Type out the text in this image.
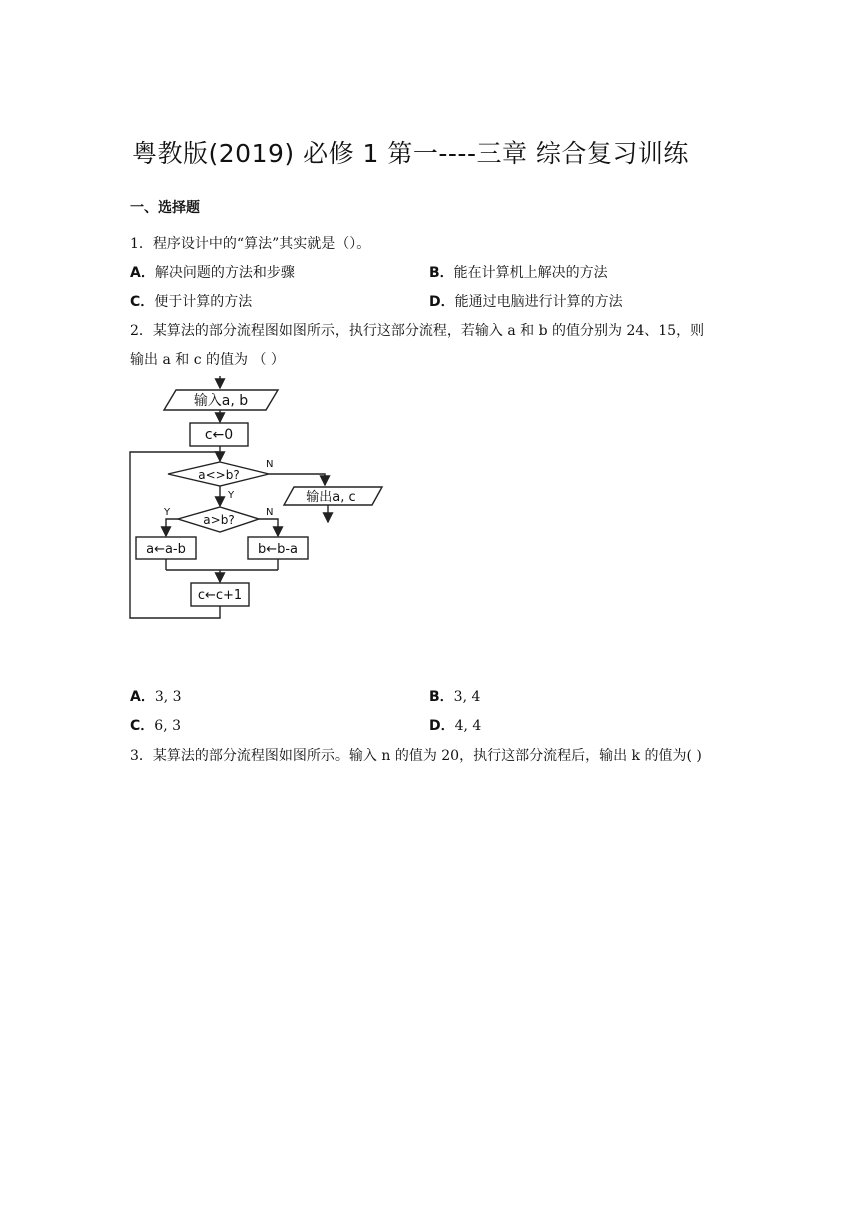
粤教版(2019) 必修 1 第一----三章 综合复习训练
一、选择题
1．程序设计中的“算法”其实就是（）。
A．解决问题的方法和步骤	B．能在计算机上解决的方法
C．便于计算的方法	D．能通过电脑进行计算的方法
2．某算法的部分流程图如图所示，执行这部分流程，若输入 a 和 b 的值分别为 24、15，则
输出 a 和 c 的值为 （ ）
输入a, b
c←0
a<>b?
N
Y	输出a, c
a>b?
Y	N
a←a-b	b←b-a
c←c+1
A．3, 3	B．3, 4
C．6, 3	D．4, 4
3．某算法的部分流程图如图所示。输入 n 的值为 20，执行这部分流程后，输出 k 的值为( )
